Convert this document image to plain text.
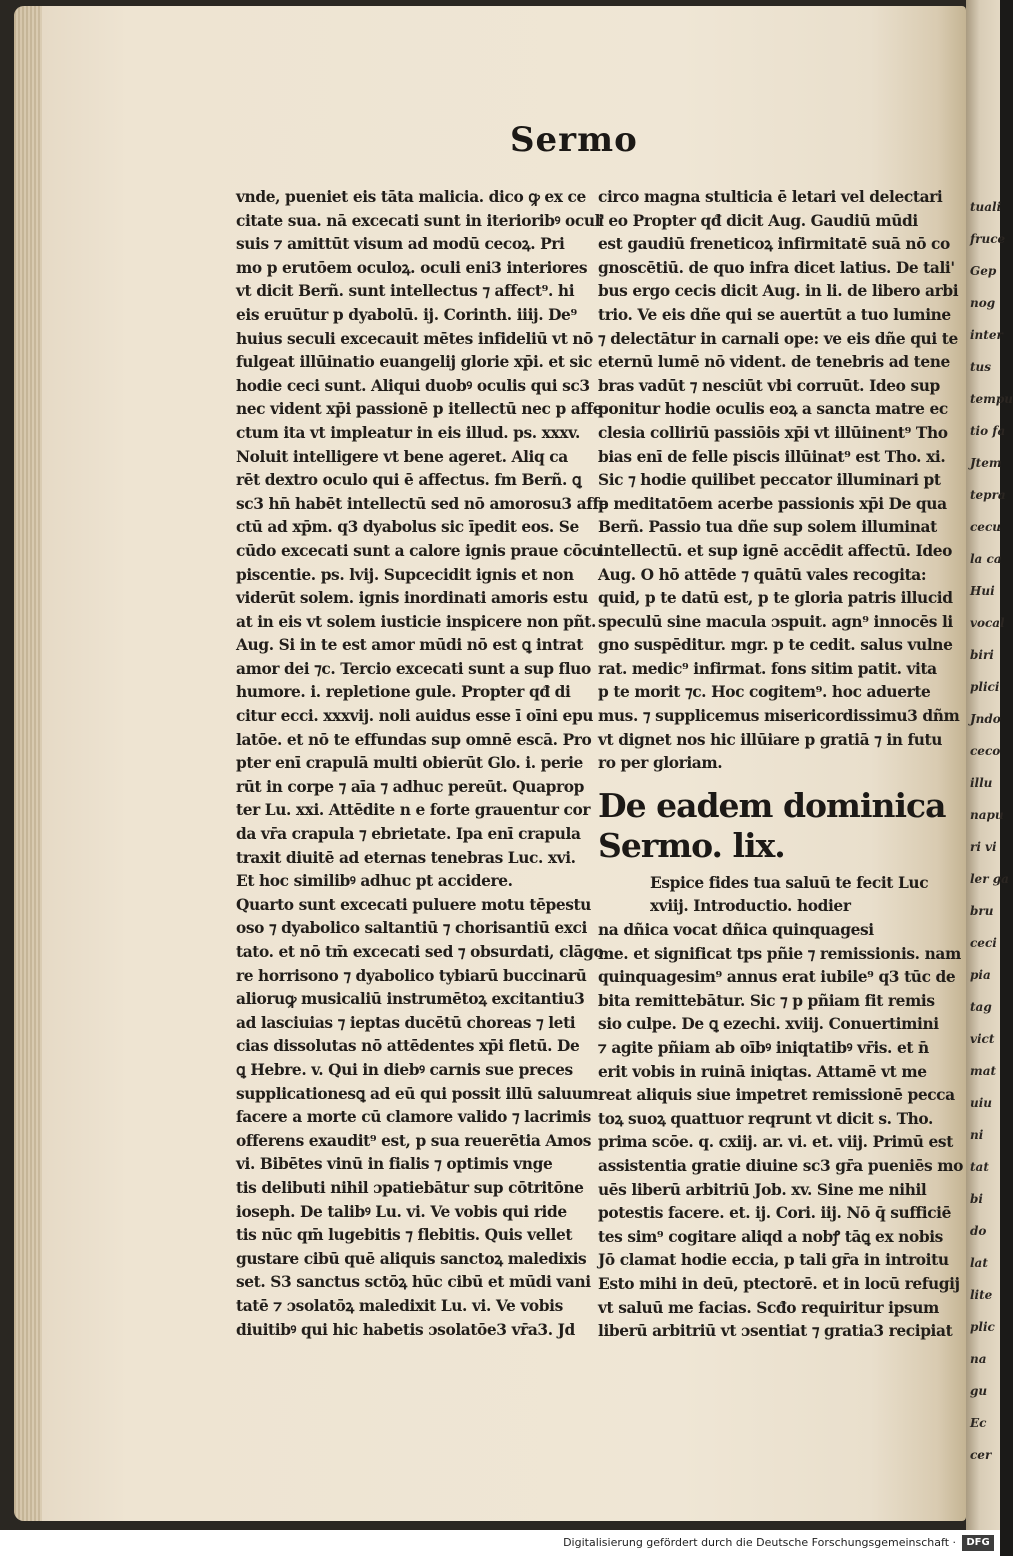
tuali
fruce
Gep
nog
inter
tus
tempu
tio fa
Jtem
tepra
cecu
la ca
Hui
vocal
biri
plici
Jndo
ceco
illu
napu
ri vi
ler ga
bru
ceci
pia
tag
vict
mat
uiu
ni
tat
bi
do
lat
lite
plic
na
gu
Ec
cer
Sermo
vnde, pueniet eis tāta malicia. dico ꝙ ex ce
citate sua. nā excecati sunt in iterioribꝰ ocul'
suis ⁊ amittūt visum ad modū cecoꝝ. Pri
mo p erutōem oculoꝝ. oculi eni3 interiores
vt dicit Berñ. sunt intellectus ⁊ affect⁹. hi
eis eruūtur p dyabolū. ij. Corinth. iiij. De⁹
huius seculi excecauit mētes infideliū vt nō
fulgeat illūinatio euangelij glorie xp̄i. et sic
hodie ceci sunt. Aliqui duobꝰ oculis qui sc3
nec vident xp̄i passionē p itellectū nec p affe
ctum ita vt impleatur in eis illud. ps. xxxv.
Noluit intelligere vt bene ageret. Aliq ca
rēt dextro oculo qui ē affectus. fm Berñ. ꝗ
sc3 hn̄ habēt intellectū sed nō amorosu3 affe
ctū ad xp̄m. q3 dyabolus sic īpedit eos. Se
cūdo excecati sunt a calore ignis praue cōcu
piscentie. ps. lvij. Supcecidit ignis et non
viderūt solem. ignis inordinati amoris estu
at in eis vt solem iusticie inspicere non pñt.
Aug. Si in te est amor mūdi nō est ꝗ intrat
amor dei ⁊c. Tercio excecati sunt a sup fluo
humore. i. repletione gule. Propter qđ di
citur ecci. xxxvij. noli auidus esse ī oīni epu
latōe. et nō te effundas sup omnē escā. Pro
pter enī crapulā multi obierūt Glo. i. perie
rūt in corpe ⁊ aīa ⁊ adhuc pereūt. Quaprop
ter Lu. xxi. Attēdite n e forte grauentur cor
da vr̄a crapula ⁊ ebrietate. Ipa enī crapula
traxit diuitē ad eternas tenebras Luc. xvi.
Et hoc similibꝰ adhuc pt accidere.
Quarto sunt excecati puluere motu tēpestu
oso ⁊ dyabolico saltantiū ⁊ chorisantiū exci
tato. et nō tm̄ excecati sed ⁊ obsurdati, clāgo
re horrisono ⁊ dyabolico tybiarū buccinarū
alioruꝙ musicaliū instrumētoꝝ excitantiu3
ad lasciuias ⁊ ieptas ducētū choreas ⁊ leti
cias dissolutas nō attēdentes xp̄i fletū. De
ꝗ Hebre. v. Qui in diebꝰ carnis sue preces
supplicationesꝗ ad eū qui possit illū saluum
facere a morte cū clamore valido ⁊ lacrimis
offerens exaudit⁹ est, p sua reuerētia Amos
vi. Bibētes vinū in fialis ⁊ optimis vnge
tis delibuti nihil ɔpatiebātur sup cōtritōne
ioseph. De talibꝰ Lu. vi. Ve vobis qui ride
tis nūc qm̄ lugebitis ⁊ flebitis. Quis vellet
gustare cibū quē aliquis sanctoꝝ maledixis
set. S3 sanctus sctōꝝ hūc cibū et mūdi vani
tatē ⁊ ɔsolatōꝝ maledixit Lu. vi. Ve vobis
diuitibꝰ qui hic habetis ɔsolatōe3 vr̄a3. Jd
circo magna stulticia ē letari vel delectari
i eo Propter qđ dicit Aug. Gaudiū mūdi
est gaudiū freneticoꝝ infirmitatē suā nō co
gnoscētiū. de quo infra dicet latius. De tali'
bus ergo cecis dicit Aug. in li. de libero arbi
trio. Ve eis dñe qui se auertūt a tuo lumine
⁊ delectātur in carnali ope: ve eis dñe qui te
eternū lumē nō vident. de tenebris ad tene
bras vadūt ⁊ nesciūt vbi corruūt. Ideo sup
ponitur hodie oculis eoꝝ a sancta matre ec
clesia colliriū passiōis xp̄i vt illūinent⁹ Tho
bias enī de felle piscis illūinat⁹ est Tho. xi.
Sic ⁊ hodie quilibet peccator illuminari pt
p meditatōem acerbe passionis xp̄i De qua
Berñ. Passio tua dñe sup solem illuminat
intellectū. et sup ignē accēdit affectū. Ideo
Aug. O hō attēde ⁊ quātū vales recogita:
quid, p te datū est, p te gloria patris illucid
speculū sine macula ɔspuit. agn⁹ innocēs li
gno suspēditur. mgr. p te cedit. salus vulne
rat. medic⁹ infirmat. fons sitim patit. vita
p te morit ⁊c. Hoc cogitem⁹. hoc aduerte
mus. ⁊ supplicemus misericordissimu3 dñm
vt dignet nos hic illūiare p gratiā ⁊ in futu
ro per gloriam.
De eadem dominica
Sermo. lix.
Espice fides tua saluū te fecit Luc
xviij. Introductio. hodier
na dñica vocat dñica quinquagesi
me. et significat tps pñie ⁊ remissionis. nam
quinquagesim⁹ annus erat iubile⁹ q3 tūc de
bita remittebātur. Sic ⁊ p pñiam fit remis
sio culpe. De ꝗ ezechi. xviij. Conuertimini
⁊ agite pñiam ab oībꝰ iniqtatibꝰ vr̄is. et n̄
erit vobis in ruinā iniqtas. Attamē vt me
reat aliquis siue impetret remissionē pecca
toꝝ suoꝝ quattuor reqrunt vt dicit s. Tho.
prima scōe. q. cxiij. ar. vi. et. viij. Primū est
assistentia gratie diuine sc3 gr̄a pueniēs mo
uēs liberū arbitriū Job. xv. Sine me nihil
potestis facere. et. ij. Cori. iij. Nō q̄ sufficiē
tes sim⁹ cogitare aliqd a nobꝭ tāꝗ ex nobis
Jō clamat hodie eccia, p tali gr̄a in introitu
Esto mihi in deū, ptectorē. et in locū refugij
vt saluū me facias. Scđo requiritur ipsum
liberū arbitriū vt ɔsentiat ⁊ gratia3 recipiat
Digitalisierung gefördert durch die Deutsche Forschungsgemeinschaft ·	DFG
